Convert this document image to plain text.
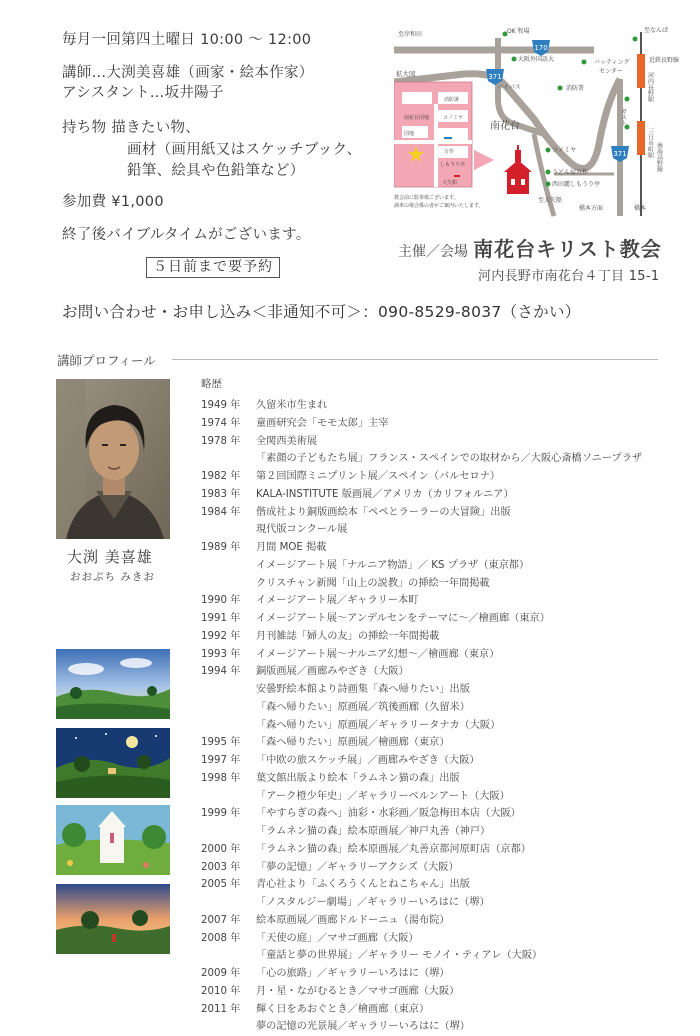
毎月一回第四土曜日 10:00 〜 12:00
講師…大渕美喜雄（画家・絵本作家）
アシスタント…坂井陽子
持ち物 描きたい物、
画材（画用紙又はスケッチブック、
鉛筆、絵具や色鉛筆など）
参加費 ¥1,000
終了後バイブルタイムがございます。
５日前まで要予約
お問い合わせ・お申し込み＜非通知不可＞：090-8529-8037（さかい）
170
371
371
消防署
南花台団地	コノミヤ
団地
万作
しもうり亭
大矢船
至岸和田	OK 牧場
大阪外国語大	バッティング
センター
拡大図
バイパス	消防署
南花台
コノミヤ
うどん屋万作
西田麗しもうり亭
至大矢船
橋本方面	橋本
至なんば
近鉄長野線
教会前に駐車場ございます。
満車の場合係の者がご案内いたします。
ガスト
河内長野駅
三日市町駅 南海高野線
主催／会場 南花台キリスト教会
河内長野市南花台４丁目 15-1
講師プロフィール
大渕 美喜雄
おおぶち みきお
略歴
1949 年	久留米市生まれ
1974 年	童画研究会「モモ太郎」主宰
1978 年	全関西美術展
「素顔の子どもたち展」フランス・スペインでの取材から／大阪心斎橋ソニープラザ
1982 年	第２回国際ミニプリント展／スペイン（バルセロナ）
1983 年	KALA-INSTITUTE 版画展／アメリカ（カリフォルニア）
1984 年	偕成社より銅版画絵本「ペペとラーラーの大冒険」出版
現代版コンクール展
1989 年	月間 MOE 掲載
イメージアート展「ナルニア物語」／ KS プラザ（東京都）
クリスチャン新聞「山上の説教」の挿絵一年間掲載
1990 年	イメージアート展／ギャラリー本町
1991 年	イメージアート展〜アンデルセンをテーマに〜／檜画廊（東京）
1992 年	月刊雑誌「婦人の友」の挿絵一年間掲載
1993 年	イメージアート展〜ナルニア幻想〜／檜画廊（東京）
1994 年	銅版画展／画廊みやざき（大阪）
安曇野絵本館より詩画集「森へ帰りたい」出版
「森へ帰りたい」原画展／筑後画廊（久留米）
「森へ帰りたい」原画展／ギャラリータナカ（大阪）
1995 年	「森へ帰りたい」原画展／檜画廊（東京）
1997 年	「中欧の旅スケッチ展」／画廊みやざき（大阪）
1998 年	葉文館出版より絵本「ラムネン猫の森」出版
「アーク橙少年史」／ギャラリーベルンアート（大阪）
1999 年	「やすらぎの森へ」油彩・水彩画／阪急梅田本店（大阪）
「ラムネン猫の森」絵本原画展／神戸丸善（神戸）
2000 年	「ラムネン猫の森」絵本原画展／丸善京都河原町店（京都）
2003 年	「夢の記憶」／ギャラリーアクシズ（大阪）
2005 年	青心社より「ふくろうくんとねこちゃん」出版
「ノスタルジー劇場」／ギャラリーいろはに（堺）
2007 年	絵本原画展／画廊ドルドーニュ（湯布院）
2008 年	「天使の庭」／マサゴ画廊（大阪）
「童話と夢の世界展」／ギャラリー モノイ・ティアレ（大阪）
2009 年	「心の旅路」／ギャラリーいろはに（堺）
2010 年	月・星・ながむるとき／マサゴ画廊（大阪）
2011 年	輝く日をあおぐとき／檜画廊（東京）
夢の記憶の光景展／ギャラリーいろはに（堺）
